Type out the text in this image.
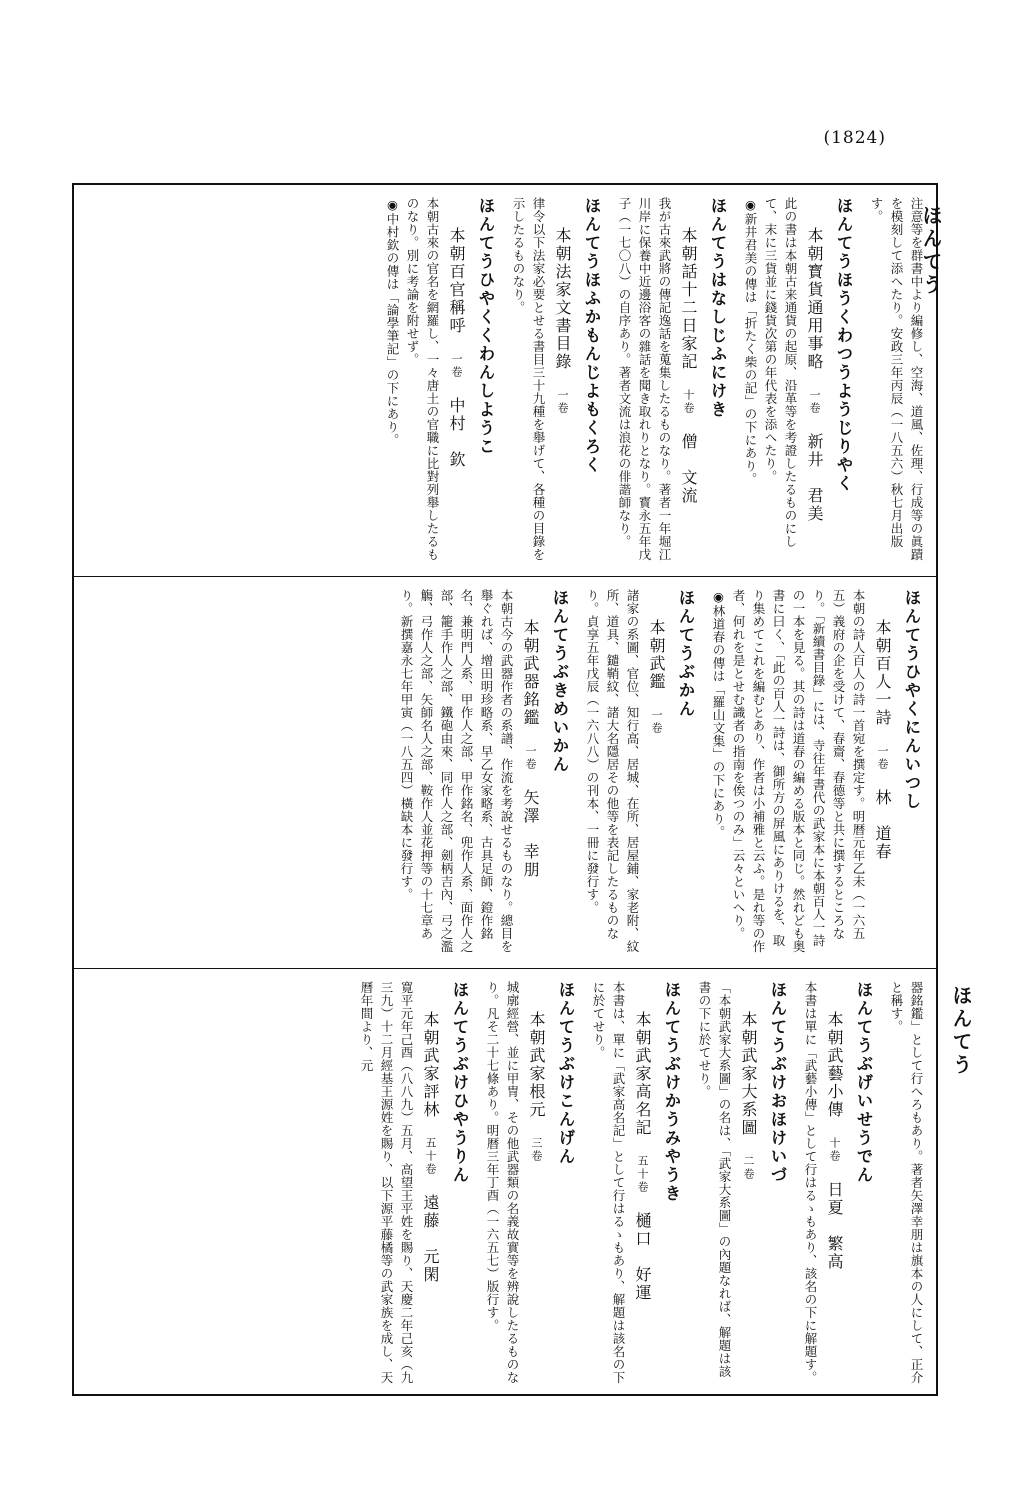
(1824)
ほんてう
ほんてう
注意等を群書中より編修し、空海、道風、佐理、行成等の眞蹟を模刻して添へたり。安政三年丙辰（一八五六）秋七月出版す。

ほんてうほうくわつうようじりやく
本朝寳貨通用事略　一卷　新井　君美
此の書は本朝古来通貨の起原、沿革等を考證したるものにして、末に三貨並に錢貨次第の年代表を添へたり。
◉新井君美の傳は「折たく柴の記」の下にあり。

ほんてうはなしじふにけき
本朝話十二日家記　十卷　僧　文流
我が古來武將の傳記逸話を蒐集したるものなり。著者一年堀江川岸に保養中近邊浴客の雜話を聞き取れりとなり。寳永五年戊子（一七〇八）の自序あり。著者文流は浪花の俳諧師なり。

ほんてうほふかもんじよもくろく
本朝法家文書目錄　一卷
律令以下法家必要とせる書目三十九種を舉げて、各種の目錄を示したるものなり。

ほんてうひやくくわんしようこ
本朝百官稱呼　一卷　中村　欽
本朝古來の官名を網羅し、一々唐土の官職に比對列舉したるものなり。別に考論を附せず。
◉中村欽の傳は「論學筆記」の下にあり。
ほんてうひやくにんいつし
本朝百人一詩　一卷　林　道春
本朝の詩人百人の詩一首宛を撰定す。明暦元年乙未（一六五五）義府の企を受けて、春齋、春德等と共に撰するところなり。「新續書目錄」には、寺往年書代の武家本に本朝百人一詩の一本を見る。其の詩は道春の編める版本と同じ。然れども奥書に曰く、「此の百人一詩は、御所方の屏風にありけるを、取り集めてこれを編むとあり、作者は小補雅と云ふ。是れ等の作者、何れを是とせむ識者の指南を俟つのみ」云々といへり。
◉林道春の傳は「羅山文集」の下にあり。

ほんてうぶかん
本朝武鑑　一卷
諸家の系圖、官位、知行高、居城、在所、居屋鋪、家老附、紋所、道具、鑓鞘紋、諸大名隱居その他等を表記したるものなり。貞享五年戊辰（一六八八）の刊本、一冊に發行す。

ほんてうぶきめいかん
本朝武器銘鑑　一卷　矢澤　幸朋
本朝古今の武器作者の系譜、作流を考說せるものなり。總目を舉ぐれば、增田明珍略系、早乙女家略系、古具足師、鐙作銘名、兼明門人系、甲作人之部、甲作銘名、兜作人系、面作人之部、籠手作人之部、鐵砲由來、同作人之部、劍柄吉內、弓之濫觴、弓作人之部、矢師名人之部、鞍作人並花押等の十七章あり。新撰嘉永七年甲寅（一八五四）橫缺本に發行す。
器銘鑑」として行へろもあり。著者矢澤幸朋は旗本の人にして、正介と稱す。

ほんてうぶげいせうでん
本朝武藝小傳　十卷　日夏　繁高
本書は單に「武藝小傳」として行はるゝもあり、該名の下に解題す。

ほんてうぶけおほけいづ
本朝武家大系圖　二卷
「本朝武家大系圖」の名は、「武家大系圖」の內題なれば、解題は該書の下に於てせり。

ほんてうぶけかうみやうき
本朝武家高名記　五十卷　樋口　好運
本書は、單に「武家高名記」として行はるゝもあり、解題は該名の下に於てせり。

ほんてうぶけこんげん
本朝武家根元　三卷
城廓經營、並に甲冑、その他武器類の名義故實等を辨說したるものなり。凡そ二十七條あり。明暦三年丁酉（一六五七）版行す。

ほんてうぶけひやうりん
本朝武家評林　五十卷　遠藤　元閑
寛平元年己酉（八八九）五月、高望王平姓を賜り、天慶二年己亥（九三九）十二月經基王源姓を賜り、以下源平藤橘等の武家族を成し、天曆年間より、元
